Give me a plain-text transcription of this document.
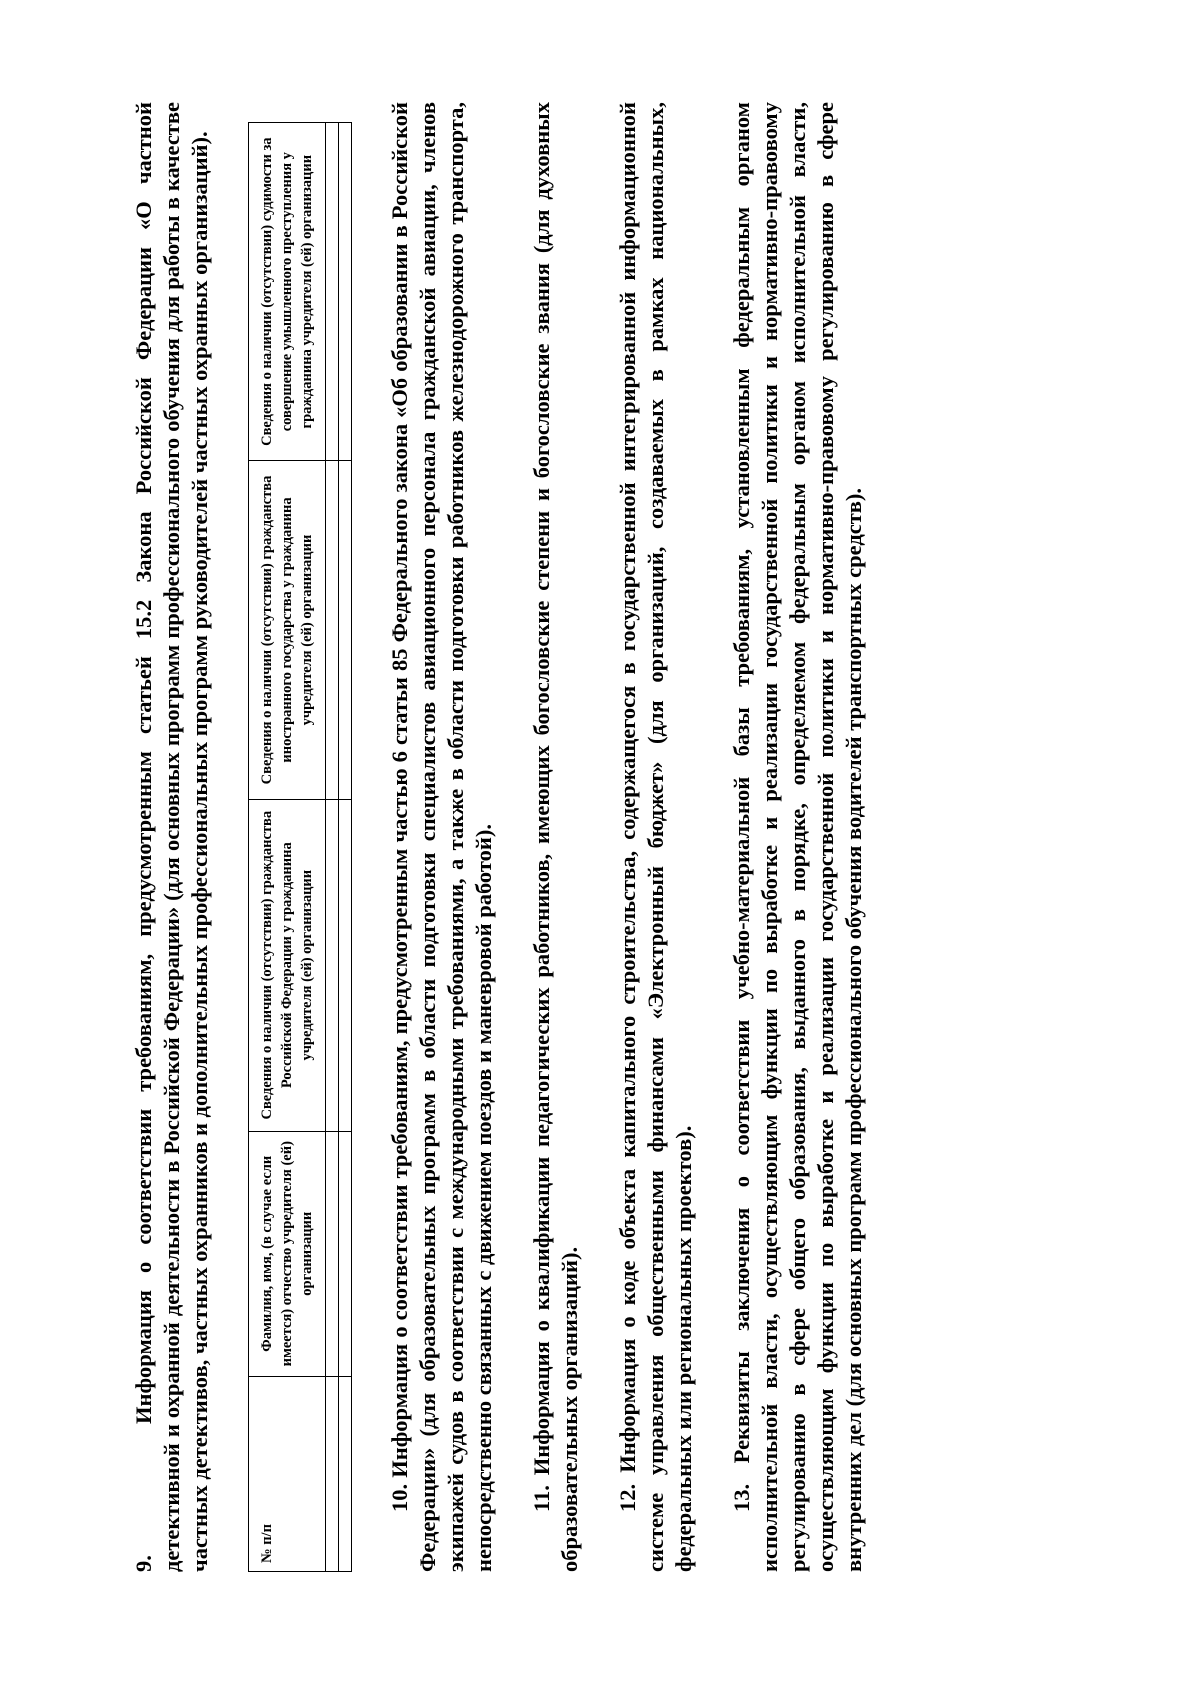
9.Информация о соответствии требованиям, предусмотренным статьей 15.2 Закона Российской Федерации «О частной детективной и охранной деятельности в Российской Федерации» (для основных программ профессионального обучения для работы в качестве частных детективов, частных охранников и дополнительных профессиональных программ руководителей частных охранных организаций).	№ п/п	Фамилия, имя, (в случае если имеется) отчество учредителя (ей) организации	Сведения о наличии (отсутствии) гражданства Российской Федерации у гражданина учредителя (ей) организации	Сведения о наличии (отсутствии) гражданства иностранного государства у гражданина учредителя (ей) организации	Сведения о наличии (отсутствии) судимости за совершение умышленного преступления у гражданина учредителя (ей) организации

10. Информация о соответствии требованиям, предусмотренным частью 6 статьи 85 Федерального закона «Об образовании в Российской Федерации» (для образовательных программ в области подготовки специалистов авиационного персонала гражданской авиации, членов экипажей судов в соответствии с международными требованиями, а также в области подготовки работников железнодорожного транспорта, непосредственно связанных с движением поездов и маневровой работой). 11. Информация о квалификации педагогических работников, имеющих богословские степени и богословские звания (для духовных образовательных организаций). 12. Информация о коде объекта капитального строительства, содержащегося в государственной интегрированной информационной системе управления общественными финансами «Электронный бюджет» (для организаций, создаваемых в рамках национальных, федеральных или региональных проектов). 13. Реквизиты заключения о соответствии учебно-материальной базы требованиям, установленным федеральным органом исполнительной власти, осуществляющим функции по выработке и реализации государственной политики и нормативно-правовому регулированию в сфере общего образования, выданного в порядке, определяемом федеральным органом исполнительной власти, осуществляющим функции по выработке и реализации государственной политики и нормативно-правовому регулированию в сфере внутренних дел (для основных программ профессионального обучения водителей транспортных средств).
